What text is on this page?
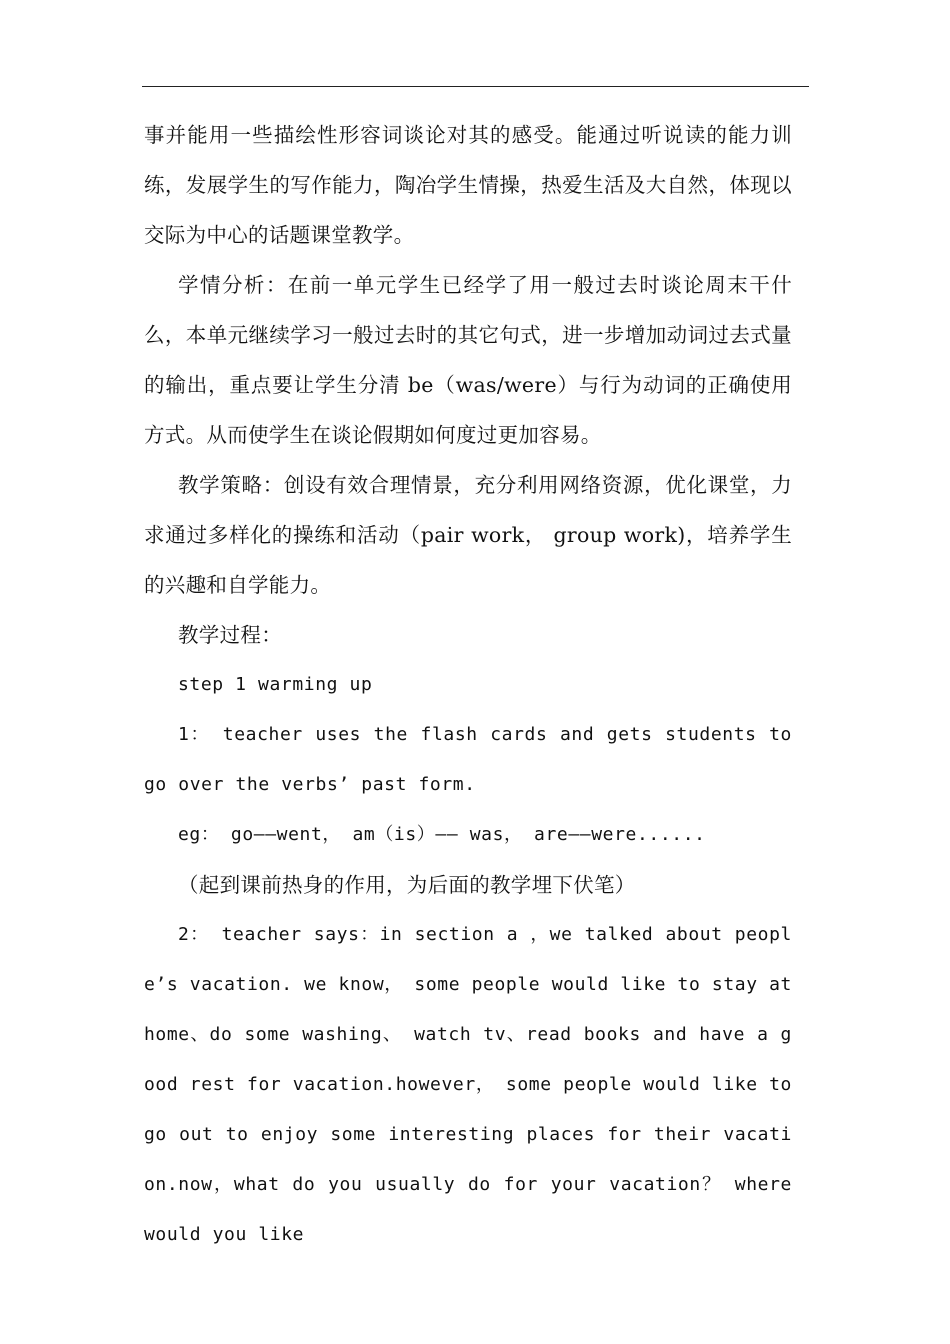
事并能用一些描绘性形容词谈论对其的感受。能通过听说读的能力训练，发展学生的写作能力，陶冶学生情操，热爱生活及大自然，体现以交际为中心的话题课堂教学。

学情分析：在前一单元学生已经学了用一般过去时谈论周末干什么，本单元继续学习一般过去时的其它句式，进一步增加动词过去式量的输出，重点要让学生分清 be（was/were）与行为动词的正确使用方式。从而使学生在谈论假期如何度过更加容易。

教学策略：创设有效合理情景，充分利用网络资源，优化课堂，力求通过多样化的操练和活动（pair work， group work)，培养学生的兴趣和自学能力。

教学过程：

step 1 warming up

1： teacher uses the flash cards and gets students to go over the verbs’ past form.

eg： go——went， am（is）—— was， are——were......

（起到课前热身的作用，为后面的教学埋下伏笔）

2： teacher says：in section a ，we talked about people’s vacation. we know， some people would like to stay at home、do some washing、 watch tv、read books and have a good rest for vacation.however， some people would like to go out to enjoy some interesting places for their vacation.now，what do you usually do for your vacation？ where would you like
